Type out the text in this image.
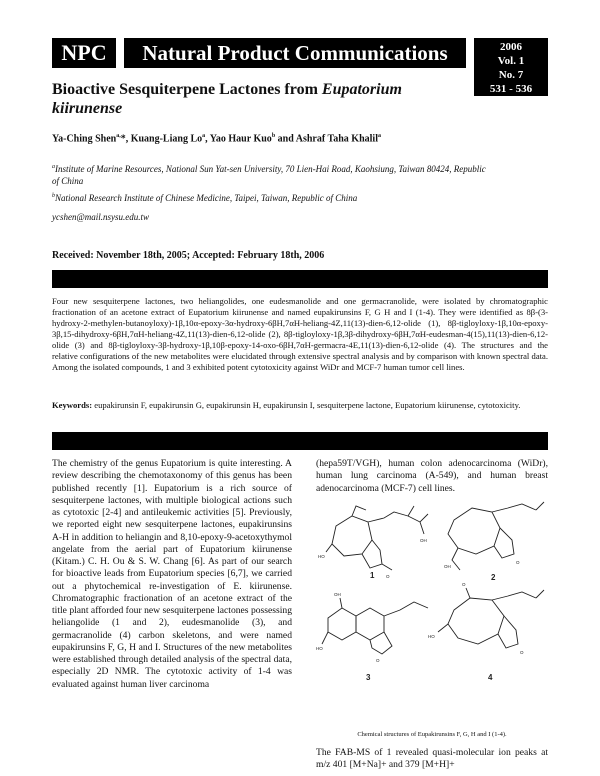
NPC	Natural Product Communications	2006
Vol. 1
No. 7
531 - 536
Bioactive Sesquiterpene Lactones from Eupatorium kiirunense
Ya-Ching Shen$^{a,}$*, Kuang-Liang Lo$^a$, Yao Haur Kuo$^b$ and Ashraf Taha Khalil$^a$
$^a$Institute of Marine Resources, National Sun Yat-sen University, 70 Lien-Hai Road, Kaohsiung, Taiwan 80424, Republic of China
$^b$National Research Institute of Chinese Medicine, Taipei, Taiwan, Republic of China
ycshen@mail.nsysu.edu.tw
Received: November 18th, 2005; Accepted: February 18th, 2006
Four new sesquiterpene lactones, two heliangolides, one eudesmanolide and one germacranolide, were isolated by chromatographic fractionation of an acetone extract of Eupatorium kiirunense and named eupakirunsins F, G H and I (1-4). They were identified as 8β-(3-hydroxy-2-methylen-butanoyloxy)-1β,10α-epoxy-3α-hydroxy-6βH,7αH-heliang-4Z,11(13)-dien-6,12-olide (1), 8β-tigloyloxy-1β,10α-epoxy-3β,15-dihydroxy-6βH,7αH-heliang-4Z,11(13)-dien-6,12-olide (2), 8β-tigloyloxy-1β,3β-dihydroxy-6βH,7αH-eudesman-4(15),11(13)-dien-6,12-olide (3) and 8β-tigloyloxy-3β-hydroxy-1β,10β-epoxy-14-oxo-6βH,7αH-germacra-4E,11(13)-dien-6,12-olide (4). The structures and the relative configurations of the new metabolites were elucidated through extensive spectral analysis and by comparison with known spectral data. Among the isolated compounds, 1 and 3 exhibited potent cytotoxicity against WiDr and MCF-7 human tumor cell lines.
Keywords: eupakirunsin F, eupakirunsin G, eupakirunsin H, eupakirunsin I, sesquiterpene lactone, Eupatorium kiirunense, cytotoxicity.
The chemistry of the genus Eupatorium is quite interesting. A review describing the chemotaxonomy of this genus has been published recently [1]. Eupatorium is a rich source of sesquiterpene lactones, with multiple biological actions such as cytotoxic [2-4] and antileukemic activities [5]. Previously, we reported eight new sesquiterpene lactones, eupakirunsins A-H in addition to heliangin and 8,10-epoxy-9-acetoxythymol angelate from the aerial part of Eupatorium kiirunense (Kitam.) C. H. Ou & S. W. Chang [6]. As part of our search for bioactive leads from Eupatorium species [6,7], we carried out a phytochemical re-investigation of E. kiirunense. Chromatographic fractionation of an acetone extract of the title plant afforded four new sesquiterpene lactones possessing heliangolide (1 and 2), eudesmanolide (3), and germacranolide (4) carbon skeletons, and were named eupakirunsins F, G, H and I. Structures of the new metabolites were established through detailed analysis of the spectral data, especially 2D NMR. The cytotoxic activity of 1-4 was evaluated against human liver carcinoma
(hepa59T/VGH), human colon adenocarcinoma (WiDr), human lung carcinoma (A-549), and human breast adenocarcinoma (MCF-7) cell lines.
HO
O
OH
1
OH
O
2
OH
HO
O
3
HO
O
O
4
Chemical structures of Eupakirunsins F, G, H and I (1-4).
The FAB-MS of 1 revealed quasi-molecular ion peaks at m/z 401 [M+Na]+ and 379 [M+H]+
